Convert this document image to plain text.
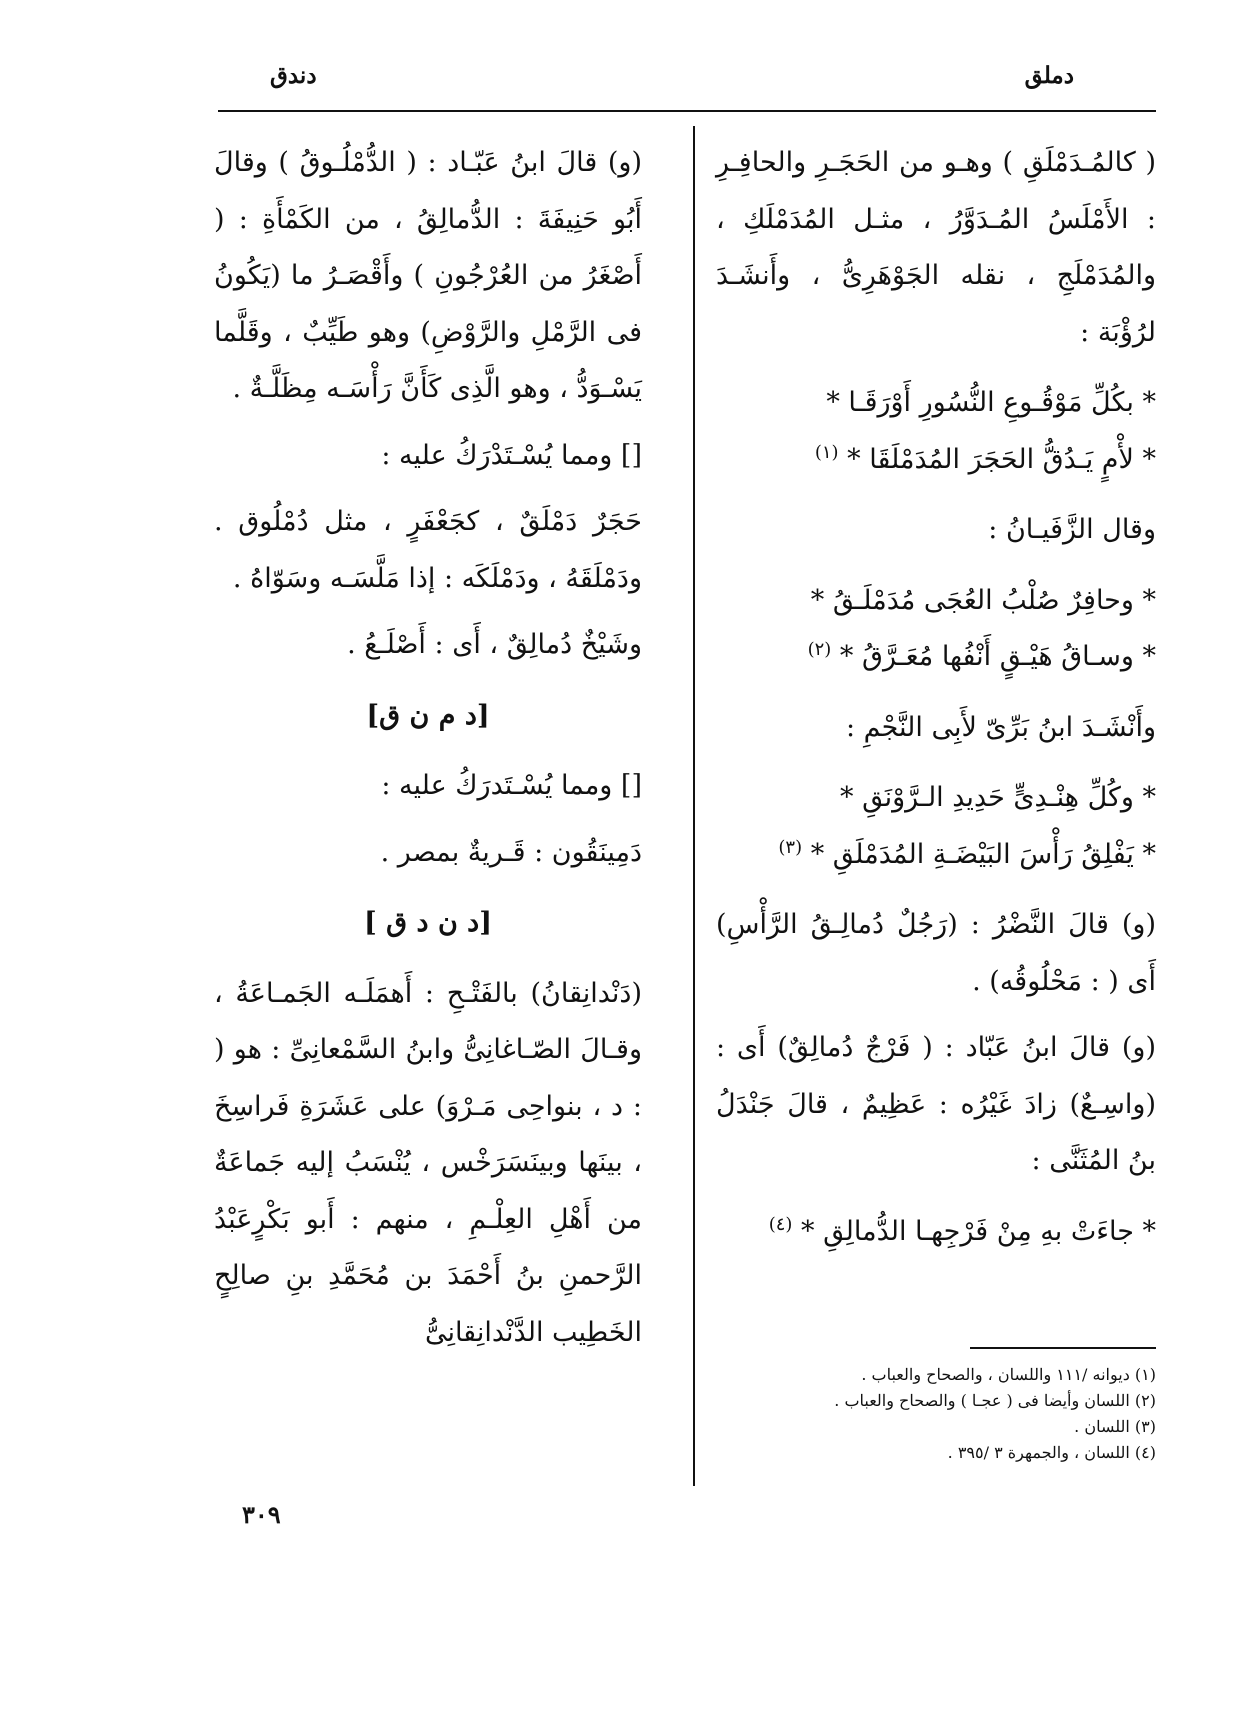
دملق
دندق

( كالمُـدَمْلَقِ ) وهـو من الحَجَـرِ والحافِـرِ : الأَمْلَسُ المُـدَوَّرُ ، مثـل المُدَمْلَكِ ، والمُدَمْلَجِ ، نقله الجَوْهَرِىُّ ، وأَنشَـدَ لرُؤْبَة :

* بكُلِّ مَوْقُـوعِ النُّسُورِ أَوْرَقَـا *

* لأْمٍ يَـدُقُّ الحَجَرَ المُدَمْلَقَا * $^{(١)}$

وقال الزَّفَيـانُ :

* وحافِرٌ صُلْبُ العُجَى مُدَمْلَـقُ *

* وسـاقُ هَيْـقٍ أَنْفُها مُعَـرَّقُ * $^{(٢)}$

وأَنْشَـدَ ابنُ بَرِّىّ لأَبِى النَّجْمِ :

* وكُلِّ هِنْـدِىٍّ حَدِيدِ الـرَّوْنَقِ *

* يَفْلِقُ رَأْسَ البَيْضَـةِ المُدَمْلَقِ * $^{(٣)}$

(و) قالَ النَّضْرُ : (رَجُلٌ دُمالِـقُ الرَّأْسِ) أَى ( : مَحْلُوقُه) .

(و) قالَ ابنُ عَبّاد : ( فَرْجٌ دُمالِقٌ) أَى : (واسِـعٌ) زادَ غَيْرُه : عَظِيمٌ ، قالَ جَنْدَلُ بنُ المُثَنَّى :

* جاءَتْ بهِ مِنْ فَرْجِهـا الدُّمالِقِ * $^{(٤)}$

(و) قالَ ابنُ عَبّـاد : ( الدُّمْلُـوقُ ) وقالَ أَبُو حَنِيفَةَ : الدُّمالِقُ ، من الكَمْأَةِ : ( أَصْغَرُ من العُرْجُونِ ) وأَقْصَـرُ ما (يَكُونُ فى الرَّمْلِ والرَّوْضِ) وهو طَيِّبٌ ، وقَلَّما يَسْـوَدُّ ، وهو الَّذِى كَأَنَّ رَأْسَـه مِظَلَّـةٌ .

[] ومما يُسْـتَدْرَكُ عليه :

حَجَرٌ دَمْلَقٌ ، كجَعْفَرٍ ، مثل دُمْلُوق . ودَمْلَقَهُ ، ودَمْلَكَه : إذا مَلَّسَـه وسَوّاهُ .

وشَيْخٌ دُمالِقٌ ، أَى : أَصْلَـعُ .

[د م ن ق]

[] ومما يُسْـتَدرَكُ عليه :

دَمِينَقُون : قَـريةٌ بمصر .

[د ن د ق ]

(دَنْدانِقانُ) بالفَتْـحِ : أَهمَلَـه الجَمـاعَةُ ، وقـالَ الصّـاغانِىُّ وابنُ السَّمْعانِىِّ : هو ( : د ، بنواحِى مَـرْوَ) على عَشَرَةِ فَراسِخَ ، بينَها وبينَسَرَخْس ، يُنْسَبُ إليه جَماعَةٌ من أَهْلِ العِلْـمِ ، منهم : أَبو بَكْرٍعَبْدُ الرَّحمنِ بنُ أَحْمَدَ بن مُحَمَّدِ بنِ صالِحٍ الخَطِيب الدَّنْدانِقانِىُّ

(١) ديوانه /١١١ واللسان ، والصحاح والعباب .

(٢) اللسان وأيضا فى ( عجـا ) والصحاح والعباب .

(٣) اللسان .

(٤) اللسان ، والجمهرة ٣ /٣٩٥ .

٣٠٩
